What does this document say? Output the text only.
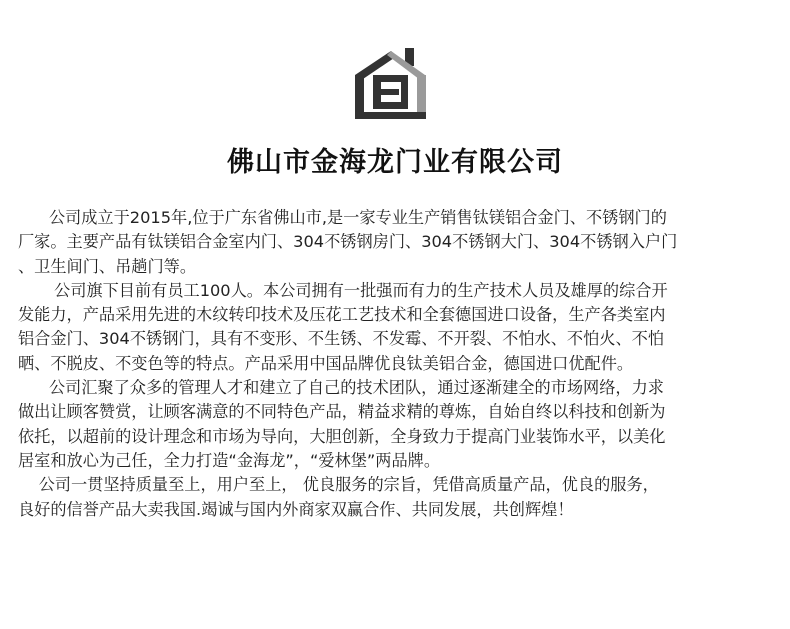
佛山市金海龙门业有限公司
公司成立于2015年,位于广东省佛山市,是一家专业生产销售钛镁铝合金门、不锈钢门的
厂家。主要产品有钛镁铝合金室内门、304不锈钢房门、304不锈钢大门、304不锈钢入户门
、卫生间门、吊趟门等。
公司旗下目前有员工100人。本公司拥有一批强而有力的生产技术人员及雄厚的综合开
发能力，产品采用先进的木纹转印技术及压花工艺技术和全套德国进口设备，生产各类室内
铝合金门、304不锈钢门，具有不变形、不生锈、不发霉、不开裂、不怕水、不怕火、不怕
晒、不脱皮、不变色等的特点。产品采用中国品牌优良钛美铝合金，德国进口优配件。
公司汇聚了众多的管理人才和建立了自己的技术团队，通过逐渐建全的市场网络，力求
做出让顾客赞赏，让顾客满意的不同特色产品，精益求精的尊炼，自始自终以科技和创新为
依托，以超前的设计理念和市场为导向，大胆创新，全身致力于提高门业装饰水平，以美化
居室和放心为己任，全力打造“金海龙”，“爱林堡”两品牌。
公司一贯坚持质量至上，用户至上， 优良服务的宗旨，凭借高质量产品，优良的服务，
良好的信誉产品大卖我国.竭诚与国内外商家双赢合作、共同发展，共创辉煌！
